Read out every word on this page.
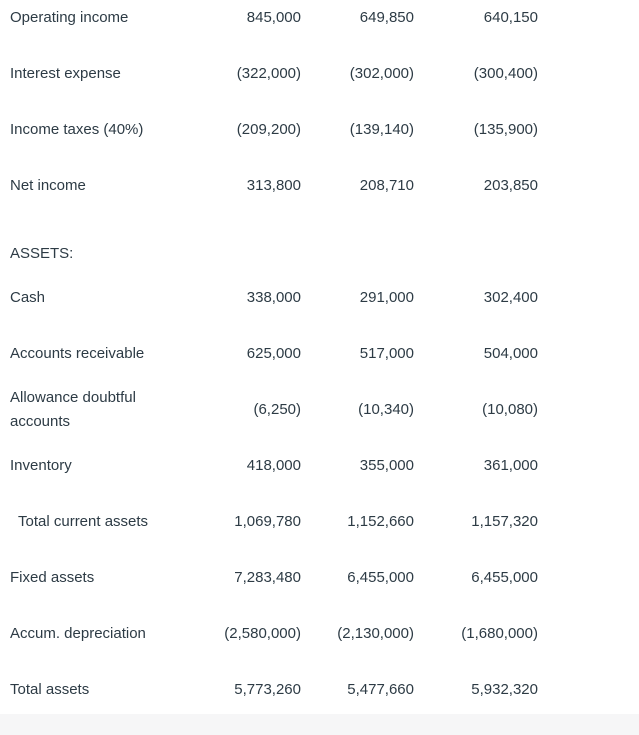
Operating income	845,000	649,850	640,150
Interest expense	(322,000)	(302,000)	(300,400)
Income taxes (40%)	(209,200)	(139,140)	(135,900)
Net income	313,800	208,710	203,850
ASSETS:
Cash	338,000	291,000	302,400
Accounts receivable	625,000	517,000	504,000
Allowance doubtful
accounts
(6,250)	(10,340)	(10,080)
Inventory	418,000	355,000	361,000
Total current assets	1,069,780	1,152,660	1,157,320
Fixed assets	7,283,480	6,455,000	6,455,000
Accum. depreciation	(2,580,000) (2,130,000)	(1,680,000)
Total assets	5,773,260	5,477,660	5,932,320
